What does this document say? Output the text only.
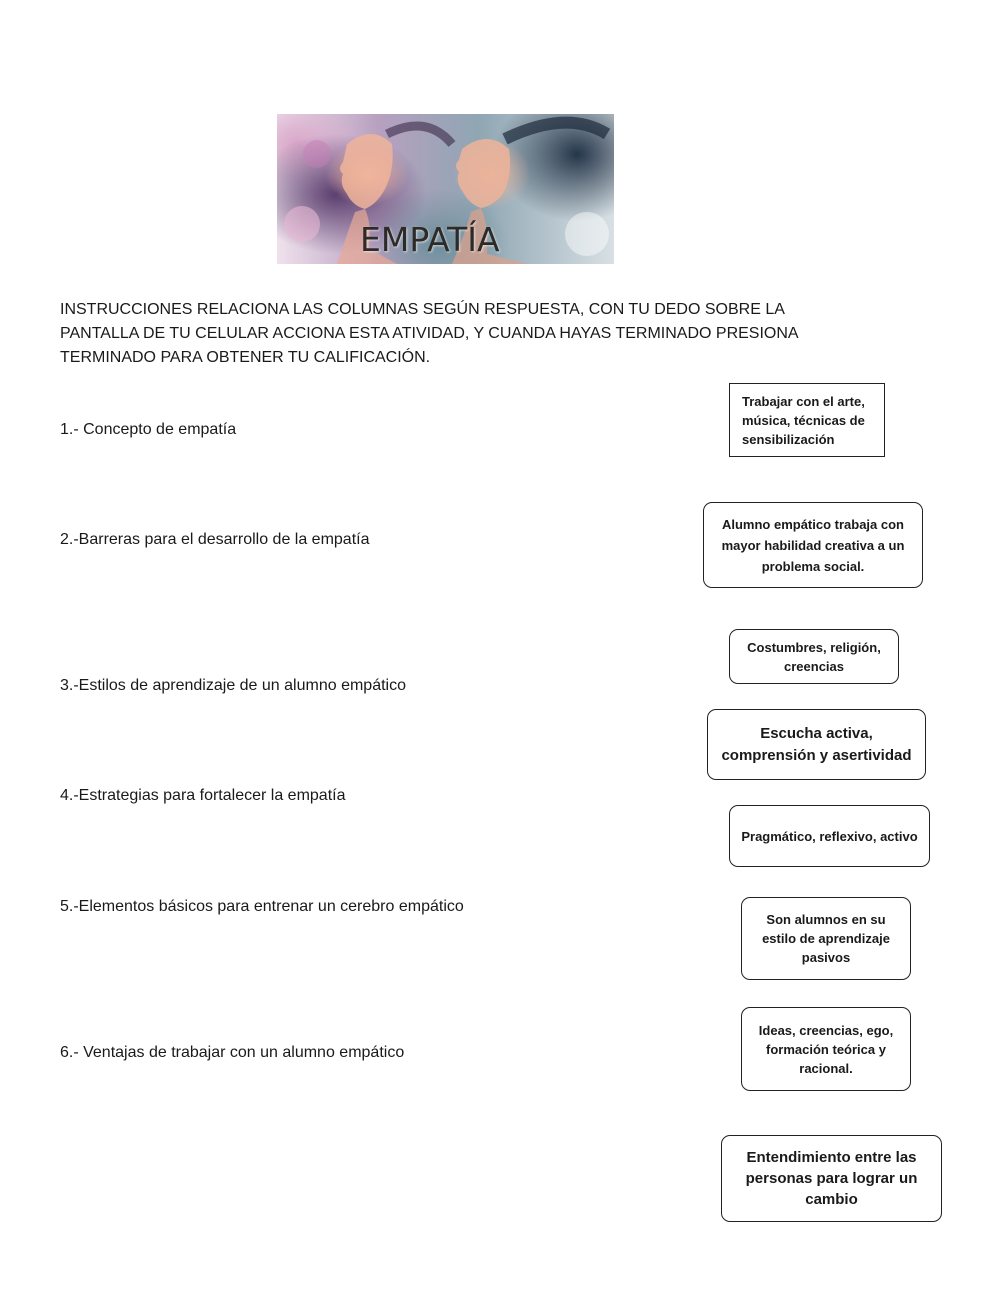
EMPATÍA

INSTRUCCIONES RELACIONA LAS COLUMNAS SEGÚN RESPUESTA, CON TU DEDO SOBRE LA PANTALLA DE TU CELULAR ACCIONA ESTA ATIVIDAD, Y CUANDA HAYAS TERMINADO PRESIONA TERMINADO PARA OBTENER TU CALIFICACIÓN.

1.- Concepto de empatía
2.-Barreras para el desarrollo de la empatía
3.-Estilos de aprendizaje de un alumno empático
4.-Estrategias para fortalecer la empatía
5.-Elementos básicos para entrenar un cerebro empático
6.- Ventajas de trabajar con un alumno empático
Trabajar con el arte, música, técnicas de sensibilización
Alumno empático trabaja con mayor habilidad creativa a un problema social.
Costumbres, religión, creencias
Escucha activa, comprensión y asertividad
Pragmático, reflexivo, activo
Son alumnos en su estilo de aprendizaje pasivos
Ideas, creencias, ego, formación teórica y racional.
Entendimiento entre las personas para lograr un cambio
